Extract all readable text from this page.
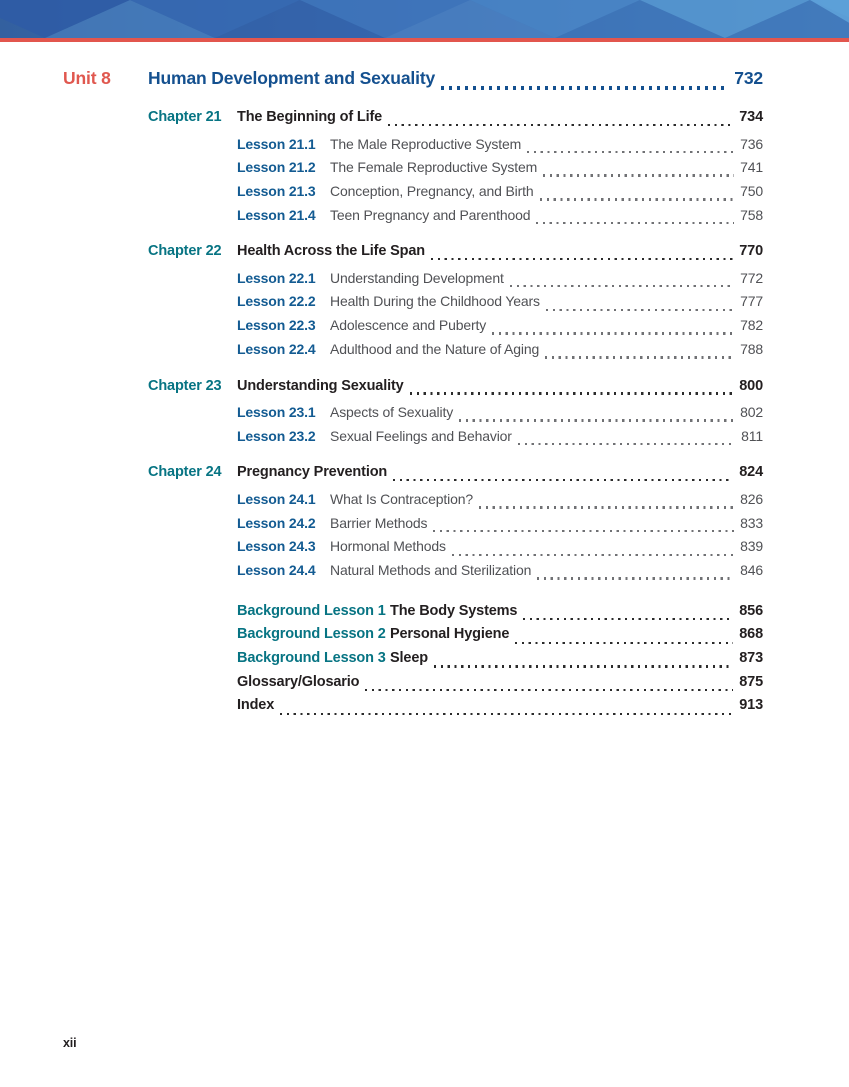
Unit 8	Human Development and Sexuality	732
Chapter 21	The Beginning of Life	734
Lesson 21.1	The Male Reproductive System	736
Lesson 21.2	The Female Reproductive System	741
Lesson 21.3	Conception, Pregnancy, and Birth	750
Lesson 21.4	Teen Pregnancy and Parenthood	758
Chapter 22	Health Across the Life Span	770
Lesson 22.1	Understanding Development	772
Lesson 22.2	Health During the Childhood Years	777
Lesson 22.3	Adolescence and Puberty	782
Lesson 22.4	Adulthood and the Nature of Aging	788
Chapter 23	Understanding Sexuality	800
Lesson 23.1	Aspects of Sexuality	802
Lesson 23.2	Sexual Feelings and Behavior	811
Chapter 24	Pregnancy Prevention	824
Lesson 24.1	What Is Contraception?	826
Lesson 24.2	Barrier Methods	833
Lesson 24.3	Hormonal Methods	839
Lesson 24.4	Natural Methods and Sterilization	846
Background Lesson 1 The Body Systems	856
Background Lesson 2 Personal Hygiene	868
Background Lesson 3 Sleep	873
Glossary/Glosario	875
Index	913
xii
